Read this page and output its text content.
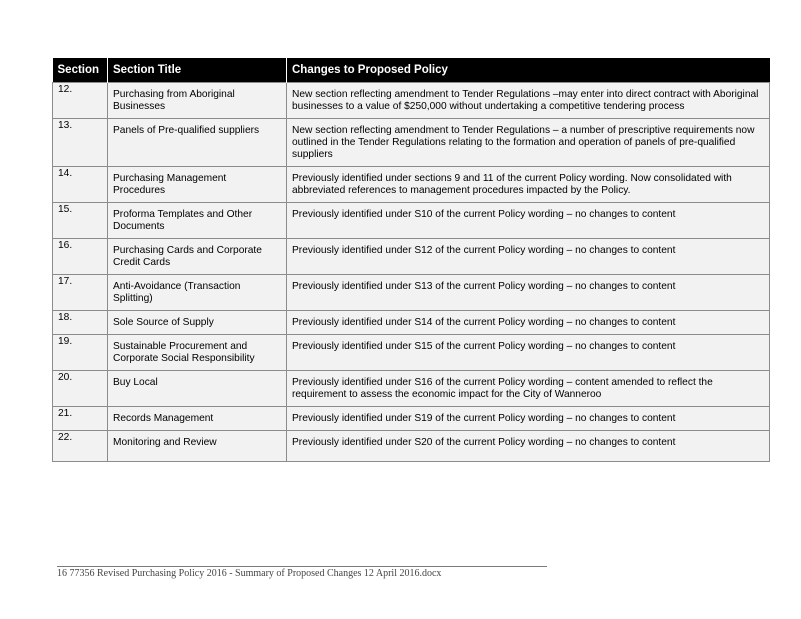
Section	Section Title	Changes to Proposed Policy
12.	Purchasing from Aboriginal Businesses	New section reflecting amendment to Tender Regulations –may enter into direct contract with Aboriginal businesses to a value of $250,000 without undertaking a competitive tendering process
13.	Panels of Pre-qualified suppliers	New section reflecting amendment to Tender Regulations – a number of prescriptive requirements now outlined in the Tender Regulations relating to the formation and operation of panels of pre-qualified suppliers
14.	Purchasing Management Procedures	Previously identified under sections 9 and 11 of the current Policy wording. Now consolidated with abbreviated references to management procedures impacted by the Policy.
15.	Proforma Templates and Other Documents	Previously identified under S10 of the current Policy wording – no changes to content
16.	Purchasing Cards and Corporate Credit Cards	Previously identified under S12 of the current Policy wording – no changes to content
17.	Anti-Avoidance (Transaction Splitting)	Previously identified under S13 of the current Policy wording – no changes to content
18.	Sole Source of Supply	Previously identified under S14 of the current Policy wording – no changes to content
19.	Sustainable Procurement and Corporate Social Responsibility	Previously identified under S15 of the current Policy wording – no changes to content
20.	Buy Local	Previously identified under S16 of the current Policy wording – content amended to reflect the requirement to assess the economic impact for the City of Wanneroo
21.	Records Management	Previously identified under S19 of the current Policy wording – no changes to content
22.	Monitoring and Review	Previously identified under S20 of the current Policy wording – no changes to content
16 77356 Revised Purchasing Policy 2016 - Summary of Proposed Changes 12 April 2016.docx
